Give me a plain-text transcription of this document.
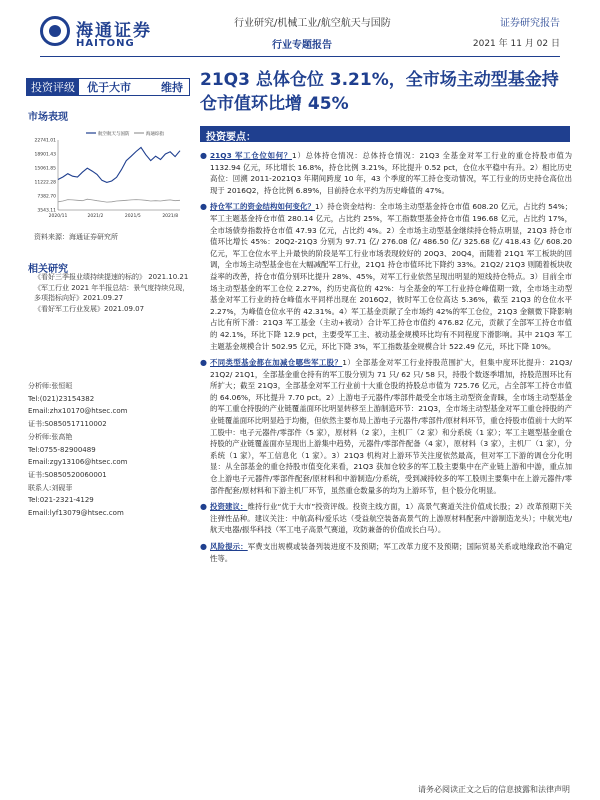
海通证券
HAITONG
行业研究/机械工业/航空航天与国防
行业专题报告
证券研究报告
2021 年 11 月 02 日
投资评级	优于大市	维持
市场表现
航空航天与国防	海通综指
22741.01
18901.43
15061.85
11222.28
7382.70
3543.11
2020/11	2021/2	2021/5	2021/8
资料来源：海通证券研究所
相关研究
《看好三季报业绩持续提速的标的》 2021.10.21
《军工行业 2021 年半报总结：景气度持续兑现，多项指标向好》2021.09.27
《看好军工行业发展》2021.09.07
分析师:张恒晅
Tel:(021)23154382
Email:zhx10170@htsec.com
证书:S0850517110002
分析师:张高艳
Tel:0755-82900489
Email:zgy13106@htsec.com
证书:S0850520060001
联系人:刘砚菲
Tel:021-2321-4129
Email:lyf13079@htsec.com
21Q3 总体仓位 3.21%，全市场主动型基金持仓市值环比增 45%
投资要点：
● 21Q3 军工仓位如何？1）总体持仓情况：总体持仓情况：21Q3 全基金对军工行业的重仓持股市值为 1132.94 亿元，环比增长 16.8%，持仓比例 3.21%，环比提升 0.52 pct，仓位水平稳中有升。2）相比历史高位：回溯 2011-2021Q3 年期间跨度 10 年，43 个季度的军工持仓变动情况，军工行业的历史持仓高位出现于 2016Q2，持仓比例 6.89%，目前持仓水平约为历史峰值的 47%。
● 持仓军工的资金结构如何变化？1）持仓资金结构：全市场主动型基金持仓市值 608.20 亿元，占比约 54%；军工主题基金持仓市值 280.14 亿元，占比约 25%，军工指数型基金持仓市值 196.68 亿元，占比约 17%，全市场债券指数持仓市值 47.93 亿元，占比约 4%。2）全市场主动型基金继续持仓特点明显，21Q3 持仓市值环比增长 45%：20Q2-21Q3 分别为 97.71 亿/ 276.08 亿/ 486.50 亿/ 325.68 亿/ 418.43 亿/ 608.20 亿元，军工仓位水平上升最快的阶段是军工行业市场表现较好的 20Q3、20Q4，而随着 21Q1 军工板块的回调，全市场主动型基金也在大幅减配军工行业，21Q1 持仓市值环比下降约 33%。21Q2/ 21Q3 则随着板块收益率的改善，持仓市值分别环比提升 28%、45%，对军工行业依然呈现出明显的短线持仓特点。3）目前全市场主动型基金的军工仓位 2.27%，约历史高位的 42%：与全基金的军工行业持仓峰值期一致，全市场主动型基金对军工行业的持仓峰值水平同样出现在 2016Q2，彼时军工仓位高达 5.36%，截至 21Q3 的仓位水平 2.27%，为峰值仓位水平的 42.31%。4）军工基金贡献了全市场约 42%的军工仓位，21Q3 金额微下降影响占比有所下滑：21Q3 军工基金（主动+被动）合计军工持仓市值约 476.82 亿元，贡献了全部军工持仓市值的 42.1%，环比下降 12.9 pct，主要受军工主、被动基金规模环比均有不同程度下滑影响。其中 21Q3 军工主题基金规模合计 502.95 亿元，环比下降 3%，军工指数基金规模合计 522.49 亿元，环比下降 10%。
● 不同类型基金都在加减仓哪些军工股？1）全部基金对军工行业持股范围扩大，但集中度环比提升：21Q3/ 21Q2/ 21Q1，全部基金重仓持有的军工股分别为 71 只/ 62 只/ 58 只，持股个数逐季增加，持股范围环比有所扩大；截至 21Q3，全部基金对军工行业前十大重仓股的持股总市值为 725.76 亿元，占全部军工持仓市值的 64.06%，环比提升 7.70 pct。2）上游电子元器件/零部件最受全市场主动型资金青睐，全市场主动型基金的军工重仓持股的产业链覆盖面环比明显转移至上游制造环节：21Q3，全市场主动型基金对军工重仓持股的产业链覆盖面环比明显趋于均衡，但依然主要布局上游电子元器件/零部件/原材料环节，重仓持股市值前十大的军工股中：电子元器件/零部件（5 家），原材料（2 家），主机厂（2 家）和分系统（1 家）；军工主题型基金重仓持股的产业链覆盖面亦呈现出上游集中趋势，元器件/零部件配备（4 家），原材料（3 家），主机厂（1 家），分系统（1 家），军工信息化（1 家）。3）21Q3 机构对上游环节关注度依然最高，但对军工下游的调仓分化明显：从全部基金的重仓持股市值变化来看，21Q3 获加仓较多的军工股主要集中在产业链上游和中游，重点加仓上游电子元器件/零部件配套/原材料和中游制造/分系统，受到减持较多的军工股则主要集中在上游元器件/零部件配套/原材料和下游主机厂环节，虽然重仓数量多的均为上游环节，但个股分化明显。
● 投资建议：维持行业“优于大市”投资评级。投资主线方面，1）高景气赛道关注价值成长股；2）改革预期下关注弹性品种。建议关注：中航高科/爱乐达（受益航空装备高景气的上游原材料配套/中游制造龙头）；中航光电/航天电器/振华科技（军工电子高景气赛道，攻防兼备的价值成长白马）。
● 风险提示：军费支出规模或装备列装进度不及预期；军工改革力度不及预期；国际贸易关系或地缘政治不确定性等。
请务必阅读正文之后的信息披露和法律声明
